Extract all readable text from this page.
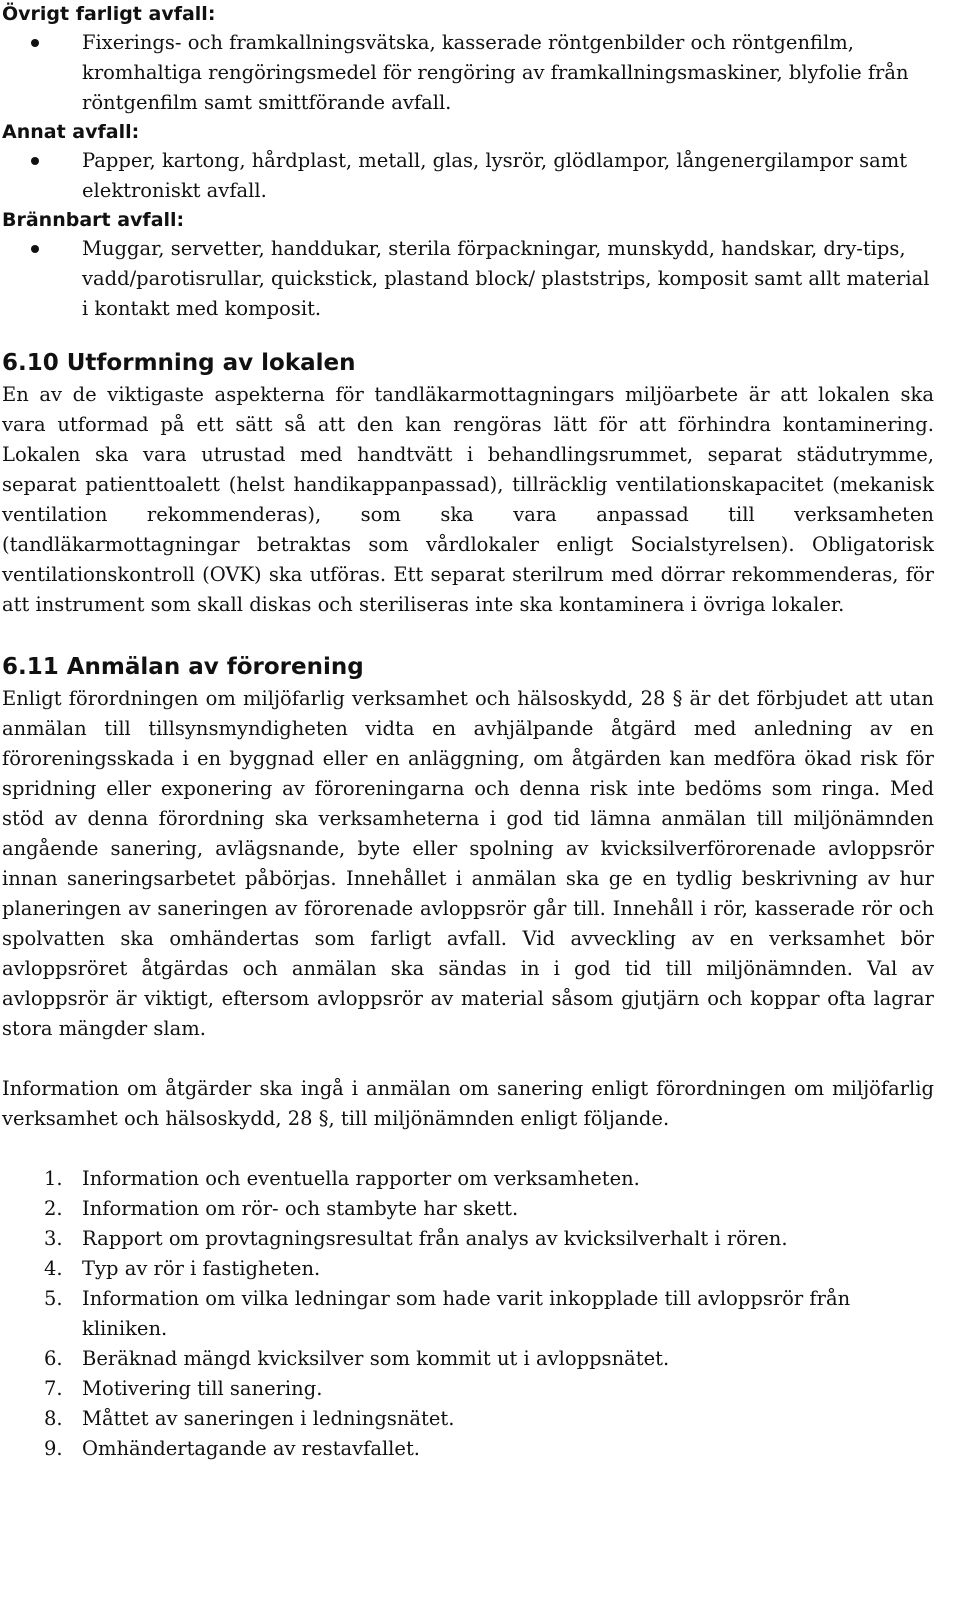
Övrigt farligt avfall:
Fixerings- och framkallningsvätska, kasserade röntgenbilder och röntgenfilm, kromhaltiga rengöringsmedel för rengöring av framkallningsmaskiner, blyfolie från röntgenfilm samt smittförande avfall.
Annat avfall:
Papper, kartong, hårdplast, metall, glas, lysrör, glödlampor, långenergilampor samt elektroniskt avfall.
Brännbart avfall:
Muggar, servetter, handdukar, sterila förpackningar, munskydd, handskar, dry-tips, vadd/parotisrullar, quickstick, plastand block/ plaststrips, komposit samt allt material i kontakt med komposit.
6.10 Utformning av lokalen

En av de viktigaste aspekterna för tandläkarmottagningars miljöarbete är att lokalen ska vara utformad på ett sätt så att den kan rengöras lätt för att förhindra kontaminering. Lokalen ska vara utrustad med handtvätt i behandlingsrummet, separat städutrymme, separat patienttoalett (helst handikappanpassad), tillräcklig ventilationskapacitet (mekanisk ventilation rekommenderas), som ska vara anpassad till verksamheten (tandläkarmottagningar betraktas som vårdlokaler enligt Socialstyrelsen). Obligatorisk ventilationskontroll (OVK) ska utföras. Ett separat sterilrum med dörrar rekommenderas, för att instrument som skall diskas och steriliseras inte ska kontaminera i övriga lokaler.

6.11 Anmälan av förorening

Enligt förordningen om miljöfarlig verksamhet och hälsoskydd, 28 § är det förbjudet att utan anmälan till tillsynsmyndigheten vidta en avhjälpande åtgärd med anledning av en föroreningsskada i en byggnad eller en anläggning, om åtgärden kan medföra ökad risk för spridning eller exponering av föroreningarna och denna risk inte bedöms som ringa. Med stöd av denna förordning ska verksamheterna i god tid lämna anmälan till miljönämnden angående sanering, avlägsnande, byte eller spolning av kvicksilverförorenade avloppsrör innan saneringsarbetet påbörjas. Innehållet i anmälan ska ge en tydlig beskrivning av hur planeringen av saneringen av förorenade avloppsrör går till. Innehåll i rör, kasserade rör och spolvatten ska omhändertas som farligt avfall. Vid avveckling av en verksamhet bör avloppsröret åtgärdas och anmälan ska sändas in i god tid till miljönämnden. Val av avloppsrör är viktigt, eftersom avloppsrör av material såsom gjutjärn och koppar ofta lagrar stora mängder slam.

Information om åtgärder ska ingå i anmälan om sanering enligt förordningen om miljöfarlig verksamhet och hälsoskydd, 28 §, till miljönämnden enligt följande.

1. Information och eventuella rapporter om verksamheten.
2. Information om rör- och stambyte har skett.
3. Rapport om provtagningsresultat från analys av kvicksilverhalt i rören.
4. Typ av rör i fastigheten.
5. Information om vilka ledningar som hade varit inkopplade till avloppsrör från kliniken.
6. Beräknad mängd kvicksilver som kommit ut i avloppsnätet.
7. Motivering till sanering.
8. Måttet av saneringen i ledningsnätet.
9. Omhändertagande av restavfallet.
